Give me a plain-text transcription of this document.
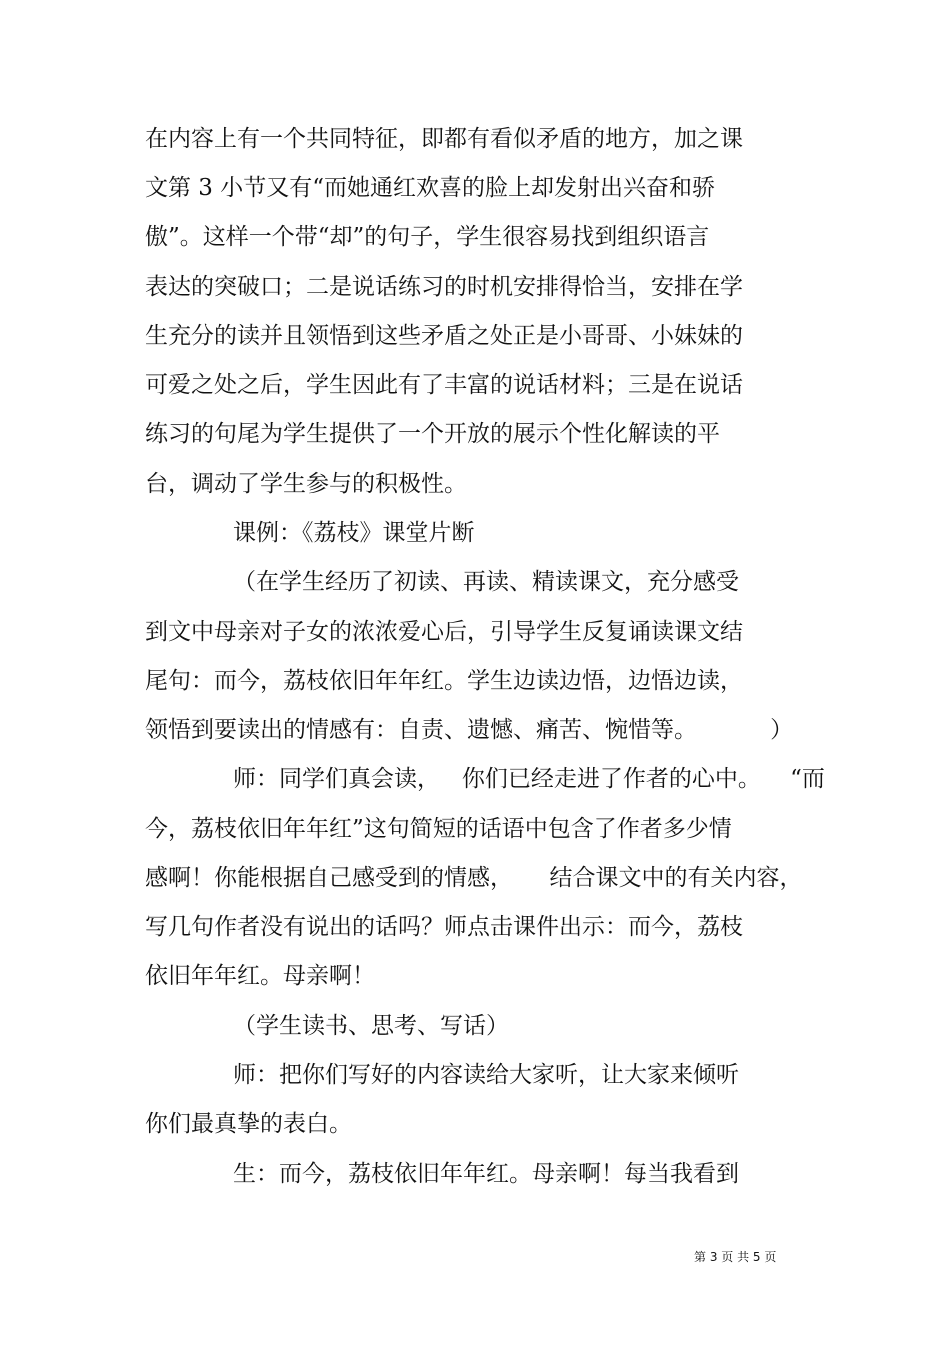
在内容上有一个共同特征，即都有看似矛盾的地方，加之课
文第 3 小节又有“而她通红欢喜的脸上却发射出兴奋和骄
傲”。这样一个带“却”的句子，学生很容易找到组织语言
表达的突破口；二是说话练习的时机安排得恰当，安排在学
生充分的读并且领悟到这些矛盾之处正是小哥哥、小妹妹的
可爱之处之后，学生因此有了丰富的说话材料；三是在说话
练习的句尾为学生提供了一个开放的展示个性化解读的平
台，调动了学生参与的积极性。
课例：《荔枝》课堂片断
（在学生经历了初读、再读、精读课文，充分感受
到文中母亲对子女的浓浓爱心后，引导学生反复诵读课文结
尾句：而今，荔枝依旧年年红。学生边读边悟，边悟边读，
领悟到要读出的情感有：自责、遗憾、痛苦、惋惜等。          ）
师：同学们真会读，   你们已经走进了作者的心中。    “而
今，荔枝依旧年年红”这句简短的话语中包含了作者多少情
感啊！你能根据自己感受到的情感，     结合课文中的有关内容，
写几句作者没有说出的话吗？师点击课件出示：而今，荔枝
依旧年年红。母亲啊！
（学生读书、思考、写话）
师：把你们写好的内容读给大家听，让大家来倾听
你们最真挚的表白。
生：而今，荔枝依旧年年红。母亲啊！每当我看到
第 3 页 共 5 页
